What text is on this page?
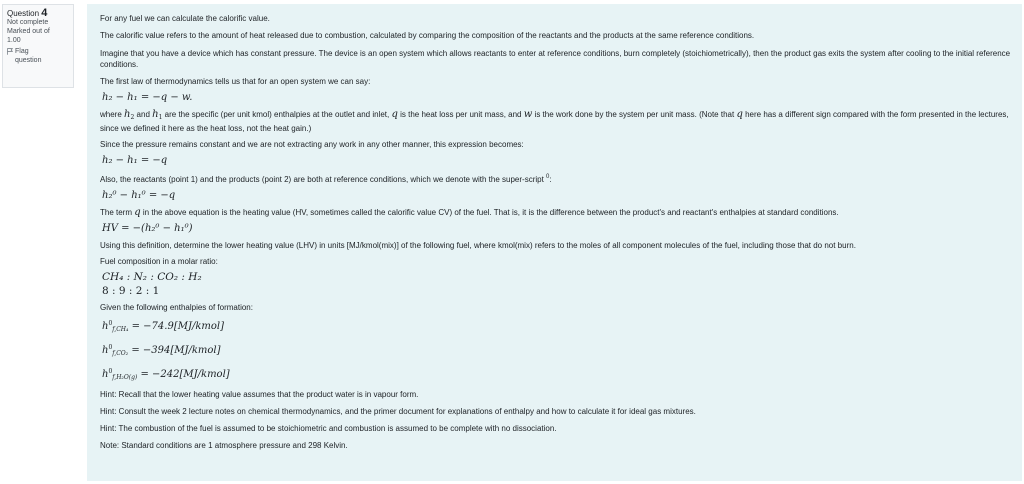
Question 4
Not complete
Marked out of
1.00
Flag question

For any fuel we can calculate the calorific value.

The calorific value refers to the amount of heat released due to combustion, calculated by comparing the composition of the reactants and the products at the same reference conditions.

Imagine that you have a device which has constant pressure. The device is an open system which allows reactants to enter at reference conditions, burn completely (stoichiometrically), then the product gas exits the system after cooling to the initial reference conditions.

The first law of thermodynamics tells us that for an open system we can say:

h₂ − h₁ = −q − w.

where $h_2$ and $h_1$ are the specific (per unit kmol) enthalpies at the outlet and inlet, q is the heat loss per unit mass, and w is the work done by the system per unit mass. (Note that q here has a different sign compared with the form presented in the lectures, since we defined it here as the heat loss, not the heat gain.)

Since the pressure remains constant and we are not extracting any work in any other manner, this expression becomes:

h₂ − h₁ = −q

Also, the reactants (point 1) and the products (point 2) are both at reference conditions, which we denote with the super-script $^0$:

h₂⁰ − h₁⁰ = −q

The term q in the above equation is the heating value (HV, sometimes called the calorific value CV) of the fuel. That is, it is the difference between the product's and reactant's enthalpies at standard conditions.

HV = −(h₂⁰ − h₁⁰)

Using this definition, determine the lower heating value (LHV) in units [MJ/kmol(mix)] of the following fuel, where kmol(mix) refers to the moles of all component molecules of the fuel, including those that do not burn.

Fuel composition in a molar ratio:

CH₄ : N₂ : CO₂ : H₂

8 : 9 : 2 : 1

Given the following enthalpies of formation:

$h^0_{f,CH_4}$ = −74.9[MJ/kmol]

$h^0_{f,CO_2}$ = −394[MJ/kmol]

$h^0_{f,H_2O(g)}$ = −242[MJ/kmol]

Hint: Recall that the lower heating value assumes that the product water is in vapour form.

Hint: Consult the week 2 lecture notes on chemical thermodynamics, and the primer document for explanations of enthalpy and how to calculate it for ideal gas mixtures.

Hint: The combustion of the fuel is assumed to be stoichiometric and combustion is assumed to be complete with no dissociation.

Note: Standard conditions are 1 atmosphere pressure and 298 Kelvin.
